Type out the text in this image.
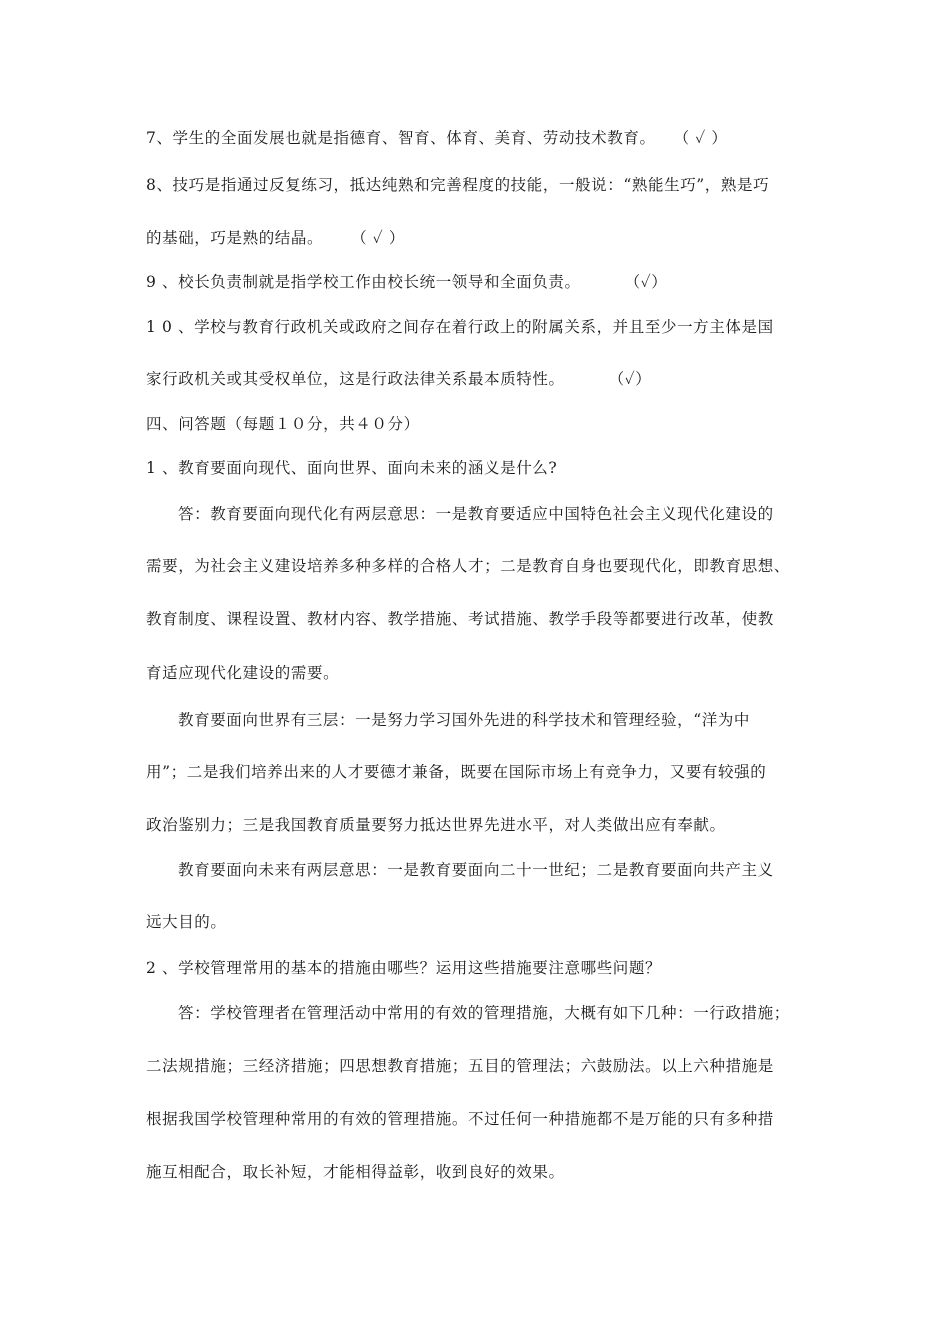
7、学生的全面发展也就是指德育、智育、体育、美育、劳动技术教育。 （ ✓ ）
8、技巧是指通过反复练习，抵达纯熟和完善程度的技能，一般说：“熟能生巧”，熟是巧
的基础，巧是熟的结晶。 （ ✓ ）
9 、校长负责制就是指学校工作由校长统一领导和全面负责。	（✓）
1 0 、学校与教育行政机关或政府之间存在着行政上的附属关系，并且至少一方主体是国
家行政机关或其受权单位，这是行政法律关系最本质特性。	（✓）
四、问答题（每题１０分，共４０分）
1 、教育要面向现代、面向世界、面向未来的涵义是什么?
答：教育要面向现代化有两层意思：一是教育要适应中国特色社会主义现代化建设的
需要，为社会主义建设培养多种多样的合格人才；二是教育自身也要现代化，即教育思想、
教育制度、课程设置、教材内容、教学措施、考试措施、教学手段等都要进行改革，使教
育适应现代化建设的需要。
教育要面向世界有三层：一是努力学习国外先进的科学技术和管理经验，“洋为中
用”；二是我们培养出来的人才要德才兼备，既要在国际市场上有竞争力，又要有较强的
政治鉴别力；三是我国教育质量要努力抵达世界先进水平，对人类做出应有奉献。
教育要面向未来有两层意思：一是教育要面向二十一世纪；二是教育要面向共产主义
远大目的。
2 、学校管理常用的基本的措施由哪些？运用这些措施要注意哪些问题？
答：学校管理者在管理活动中常用的有效的管理措施，大概有如下几种：一行政措施；
二法规措施；三经济措施；四思想教育措施；五目的管理法；六鼓励法。以上六种措施是
根据我国学校管理种常用的有效的管理措施。不过任何一种措施都不是万能的只有多种措
施互相配合，取长补短，才能相得益彰，收到良好的效果。
